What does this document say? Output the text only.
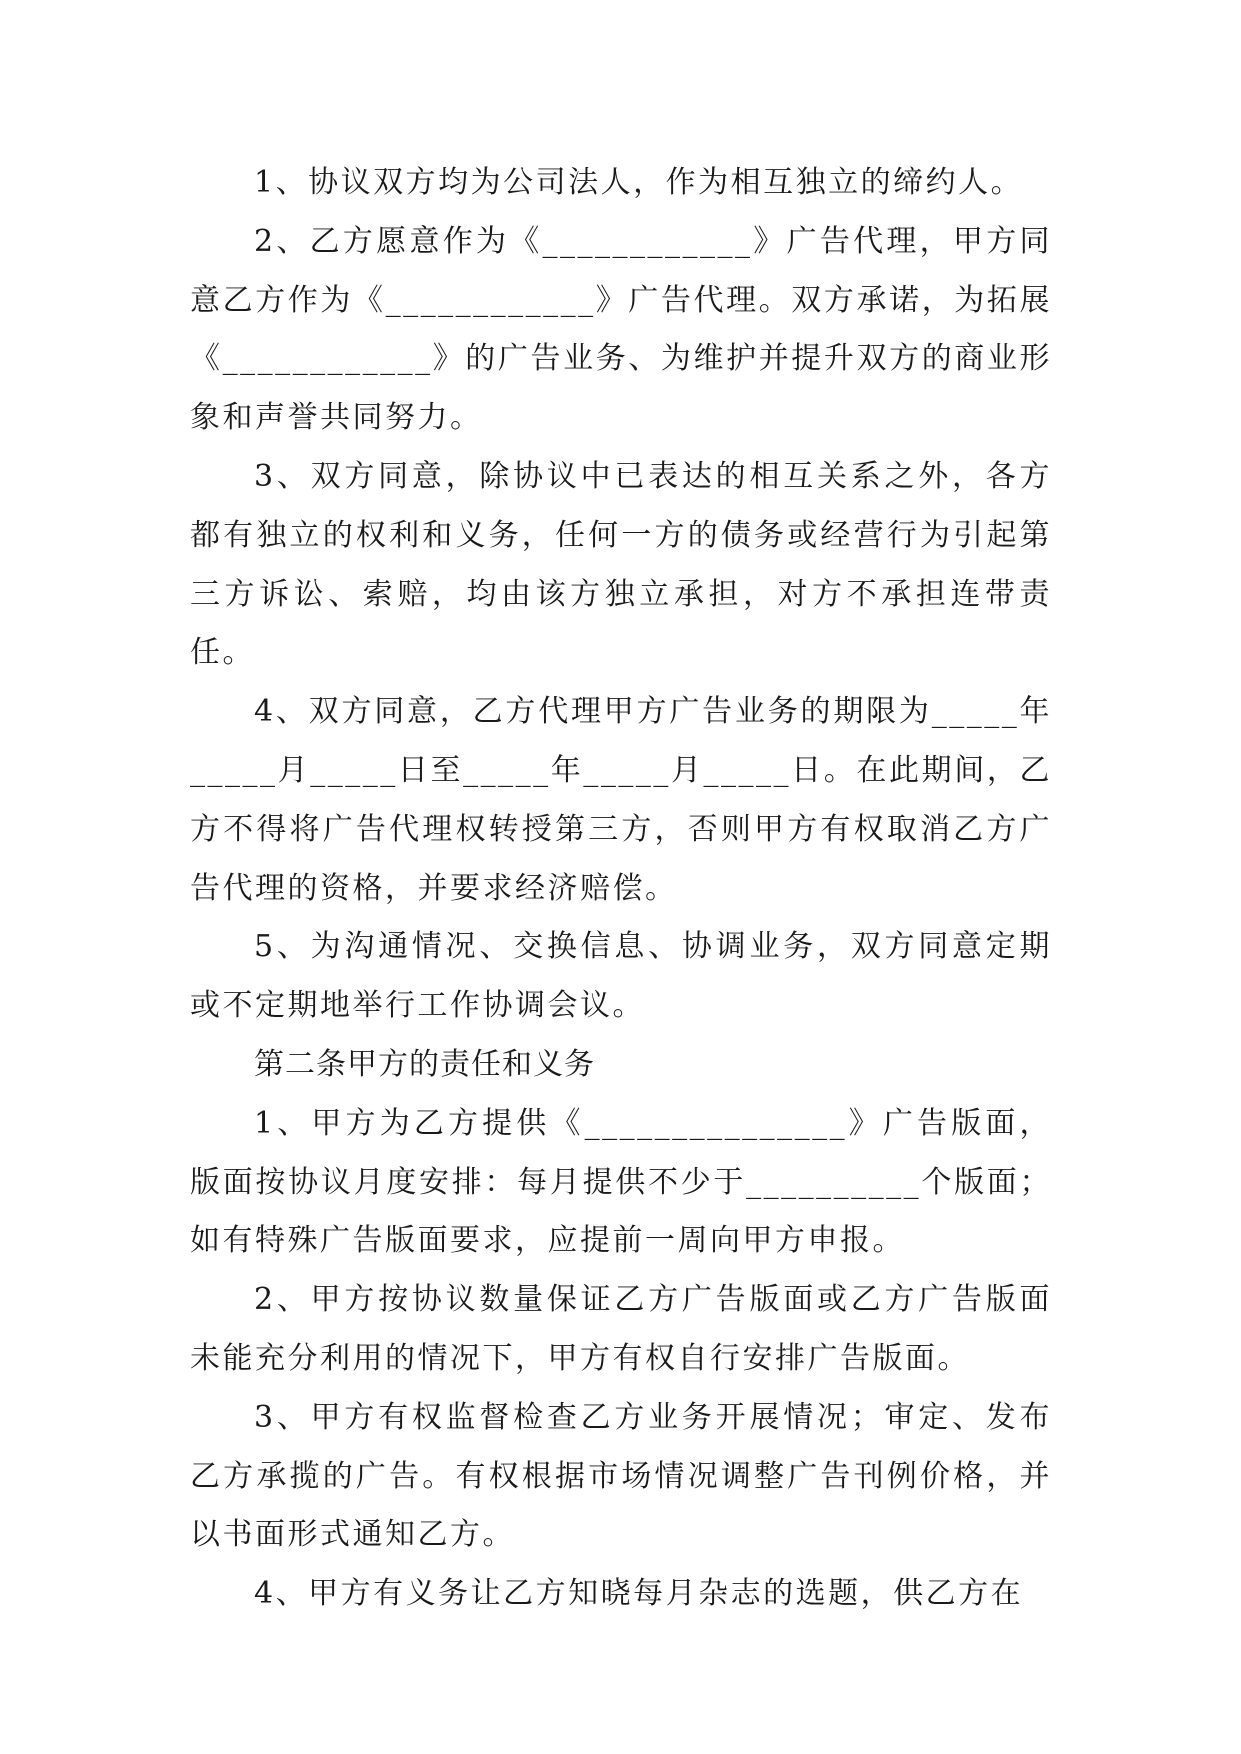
1、协议双方均为公司法人，作为相互独立的缔约人。

2、乙方愿意作为《____________》广告代理，甲方同意乙方作为《____________》广告代理。双方承诺，为拓展《____________》的广告业务、为维护并提升双方的商业形象和声誉共同努力。

3、双方同意，除协议中已表达的相互关系之外，各方都有独立的权利和义务，任何一方的债务或经营行为引起第三方诉讼、索赔，均由该方独立承担，对方不承担连带责任。

4、双方同意，乙方代理甲方广告业务的期限为_____年_____月_____日至_____年_____月_____日。在此期间，乙方不得将广告代理权转授第三方，否则甲方有权取消乙方广告代理的资格，并要求经济赔偿。

5、为沟通情况、交换信息、协调业务，双方同意定期或不定期地举行工作协调会议。

第二条甲方的责任和义务

1、甲方为乙方提供《_______________》广告版面，版面按协议月度安排：每月提供不少于__________个版面；如有特殊广告版面要求，应提前一周向甲方申报。

2、甲方按协议数量保证乙方广告版面或乙方广告版面未能充分利用的情况下，甲方有权自行安排广告版面。

3、甲方有权监督检查乙方业务开展情况；审定、发布乙方承揽的广告。有权根据市场情况调整广告刊例价格，并以书面形式通知乙方。

4、甲方有义务让乙方知晓每月杂志的选题，供乙方在
